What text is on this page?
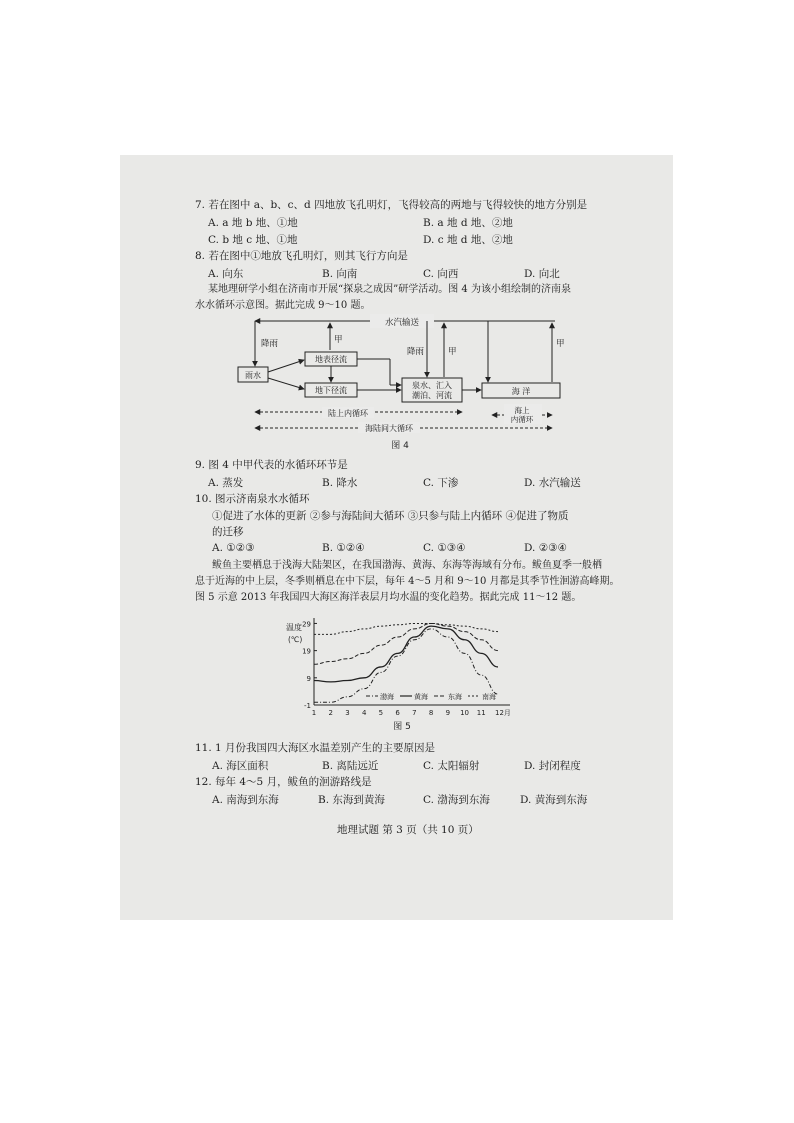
7. 若在图中 a、b、c、d 四地放飞孔明灯，飞得较高的两地与飞得较快的地方分别是
A. a 地 b 地、①地	B. a 地 d 地、②地
C. b 地 c 地、①地	D. c 地 d 地、②地
8. 若在图中①地放飞孔明灯，则其飞行方向是
A. 向东	B. 向南	C. 向西	D. 向北
某地理研学小组在济南市开展“探泉之成因”研学活动。图 4 为该小组绘制的济南泉
水水循环示意图。据此完成 9～10 题。
水汽输送
降雨	甲
雨水
地表径流
地下径流
泉水、汇入
潮泊、河流
降雨	甲
海 洋
甲
陆上内循环	海上
内循环
海陆间大循环
图 4
9. 图 4 中甲代表的水循环环节是
A. 蒸发	B. 降水	C. 下渗	D. 水汽输送
10. 图示济南泉水水循环
①促进了水体的更新 ②参与海陆间大循环 ③只参与陆上内循环 ④促进了物质
的迁移
A. ①②③	B. ①②④	C. ①③④	D. ②③④
鲅鱼主要栖息于浅海大陆架区，在我国渤海、黄海、东海等海域有分布。鲅鱼夏季一般栖
息于近海的中上层，冬季则栖息在中下层，每年 4～5 月和 9～10 月都是其季节性洄游高峰期。
图 5 示意 2013 年我国四大海区海洋表层月均水温的变化趋势。据此完成 11～12 题。
温度
(℃)
29
19
9
-1
1 2 3 4 5 6 7 8 9 10 11 12月
渤海	黄海	东海	南海
图 5
11. 1 月份我国四大海区水温差别产生的主要原因是
A. 海区面积	B. 离陆远近	C. 太阳辐射	D. 封闭程度
12. 每年 4～5 月，鲅鱼的洄游路线是
A. 南海到东海	B. 东海到黄海	C. 渤海到东海	D. 黄海到东海
地理试题 第 3 页（共 10 页）
